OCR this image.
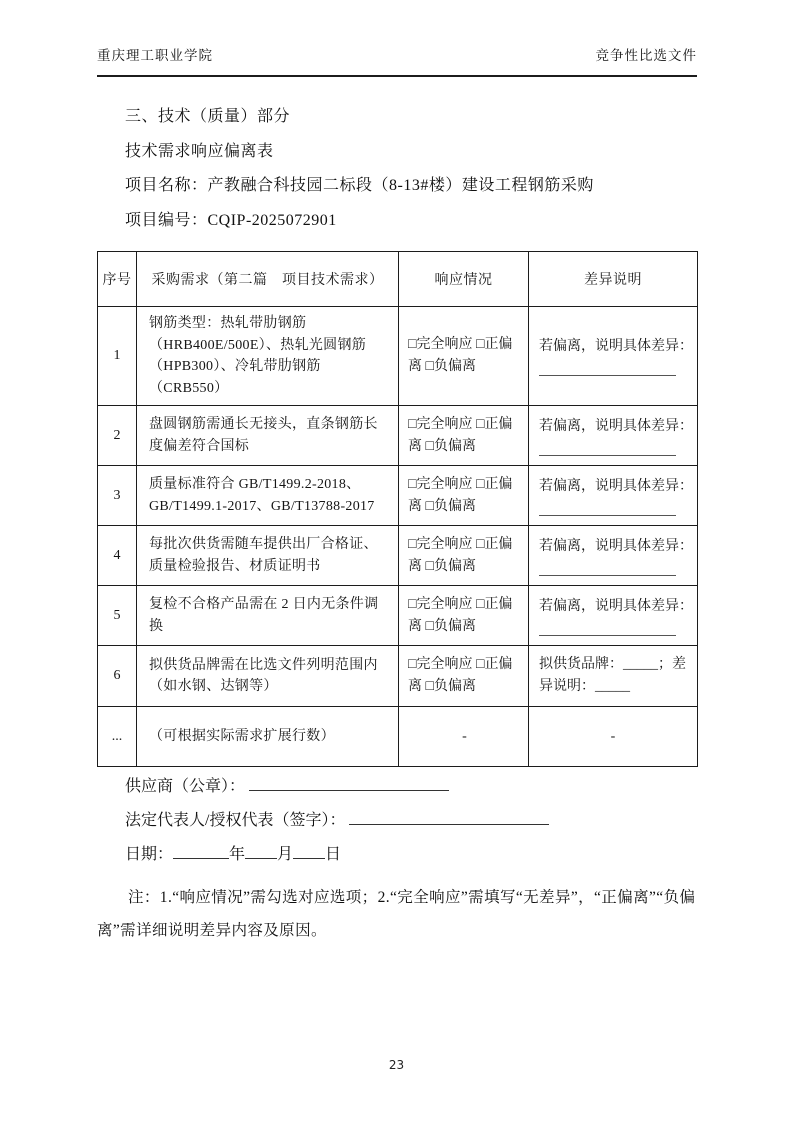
重庆理工职业学院	竞争性比选文件
三、技术（质量）部分
技术需求响应偏离表
项目名称：产教融合科技园二标段（8-13#楼）建设工程钢筋采购
项目编号：CQIP-2025072901
序号	采购需求（第二篇　项目技术需求）	响应情况	差异说明
1	钢筋类型：热轧带肋钢筋（HRB400E/500E）、热轧光圆钢筋（HPB300）、冷轧带肋钢筋（CRB550）	□完全响应 □正偏离 □负偏离	若偏离，说明具体差异：

2	盘圆钢筋需通长无接头，直条钢筋长度偏差符合国标	□完全响应 □正偏离 □负偏离	若偏离，说明具体差异：

3	质量标准符合 GB/T1499.2-2018、GB/T1499.1-2017、GB/T13788-2017	□完全响应 □正偏离 □负偏离	若偏离，说明具体差异：

4	每批次供货需随车提供出厂合格证、质量检验报告、材质证明书	□完全响应 □正偏离 □负偏离	若偏离，说明具体差异：

5	复检不合格产品需在 2 日内无条件调换	□完全响应 □正偏离 □负偏离	若偏离，说明具体差异：

6	拟供货品牌需在比选文件列明范围内（如水钢、达钢等）	□完全响应 □正偏离 □负偏离	拟供货品牌：_____；差异说明：_____
...	（可根据实际需求扩展行数）	-	-
供应商（公章）：
法定代表人/授权代表（签字）：
日期：	年 月 日
注：1.“响应情况”需勾选对应选项；2.“完全响应”需填写“无差异”，“正偏离”“负偏离”需详细说明差异内容及原因。
23
